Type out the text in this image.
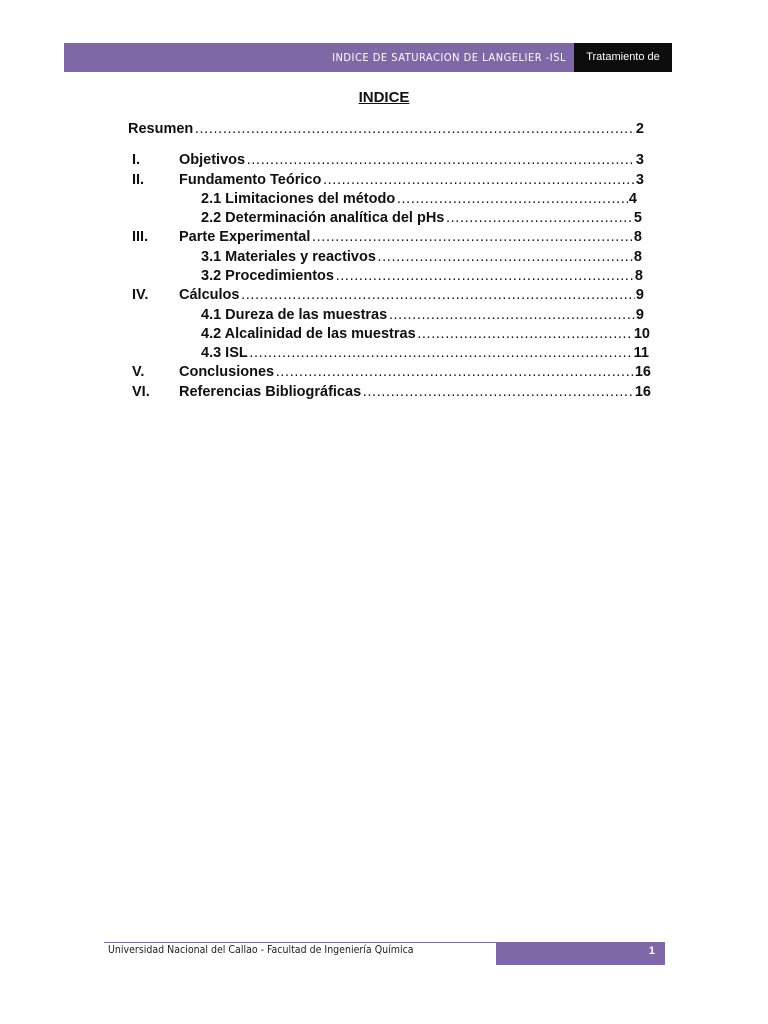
INDICE DE SATURACION DE LANGELIER -ISL	Tratamiento de Aguas
INDICE
Resumen ………………………………………………………………………………………………………………………………	2
I.	Objetivos ………………………………………………………………………………………………………………………………	3
II.	Fundamento Teórico ………………………………………………………………………………………………………………………………	3
2.1 Limitaciones del método ………………………………………………………………………………………………………………………………	4
2.2 Determinación analítica del pHs ………………………………………………………………………………………………………………………………	5
III.	Parte Experimental ………………………………………………………………………………………………………………………………	8
3.1 Materiales y reactivos ………………………………………………………………………………………………………………………………	8
3.2 Procedimientos ………………………………………………………………………………………………………………………………	8
IV.	Cálculos ………………………………………………………………………………………………………………………………	9
4.1 Dureza de las muestras ………………………………………………………………………………………………………………………………	9
4.2 Alcalinidad de las muestras ………………………………………………………………………………………………………………………………	10
4.3 ISL ………………………………………………………………………………………………………………………………	11
V.	Conclusiones ………………………………………………………………………………………………………………………………	16
VI.	Referencias Bibliográficas ………………………………………………………………………………………………………………………………	16
Universidad Nacional del Callao - Facultad de Ingeniería Química	1
